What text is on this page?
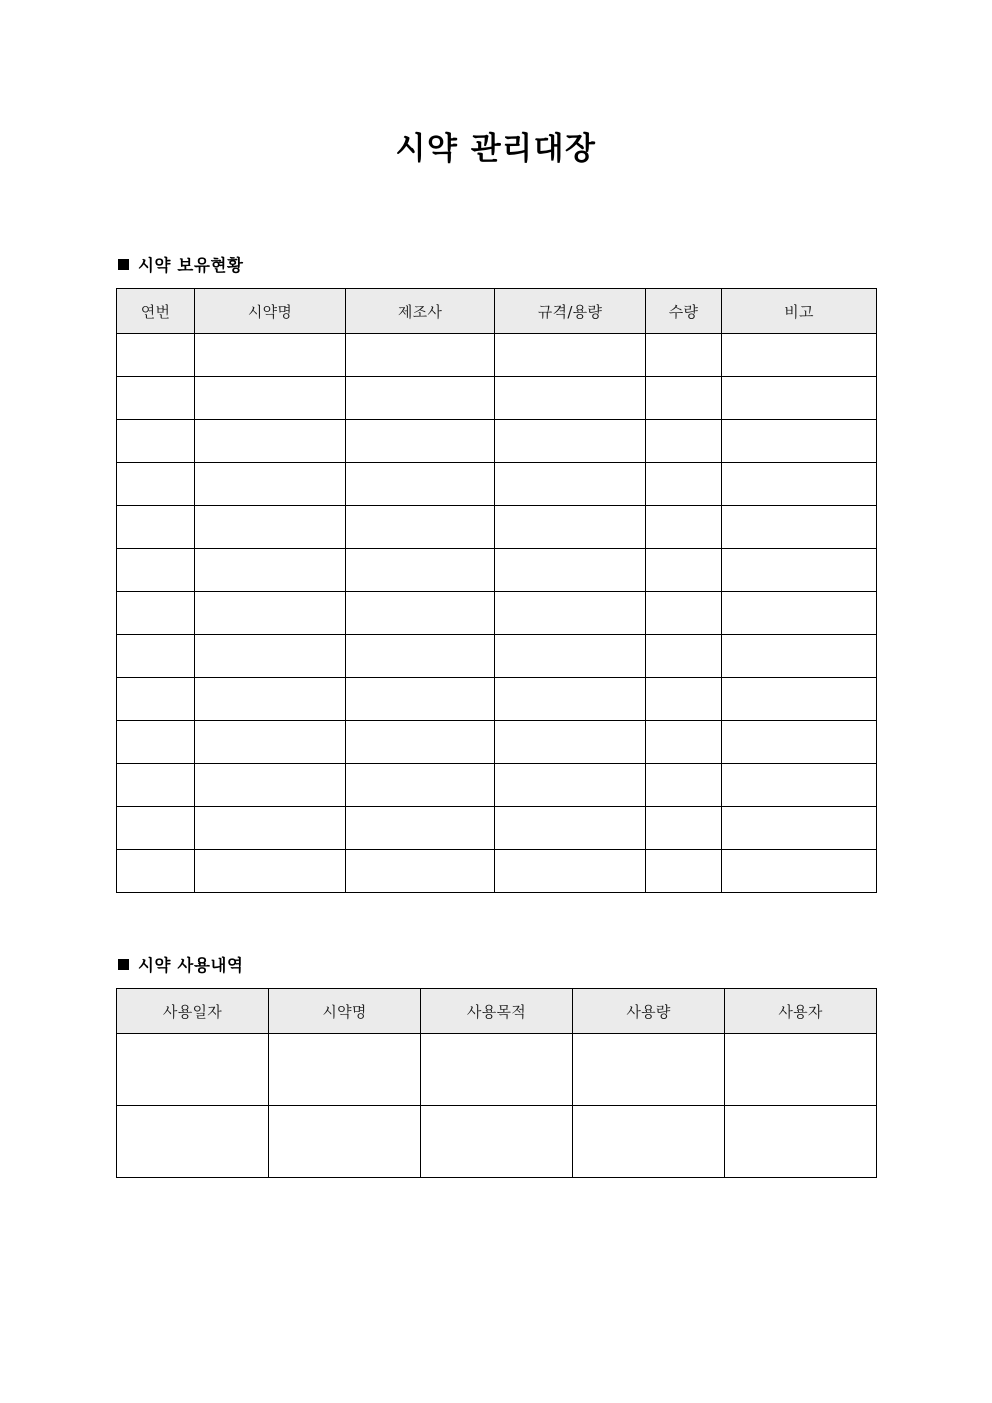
시약 관리대장
시약 보유현황
연번	시약명	제조사	규격/용량	수량	비고

시약 사용내역
사용일자	시약명	사용목적	사용량	사용자
